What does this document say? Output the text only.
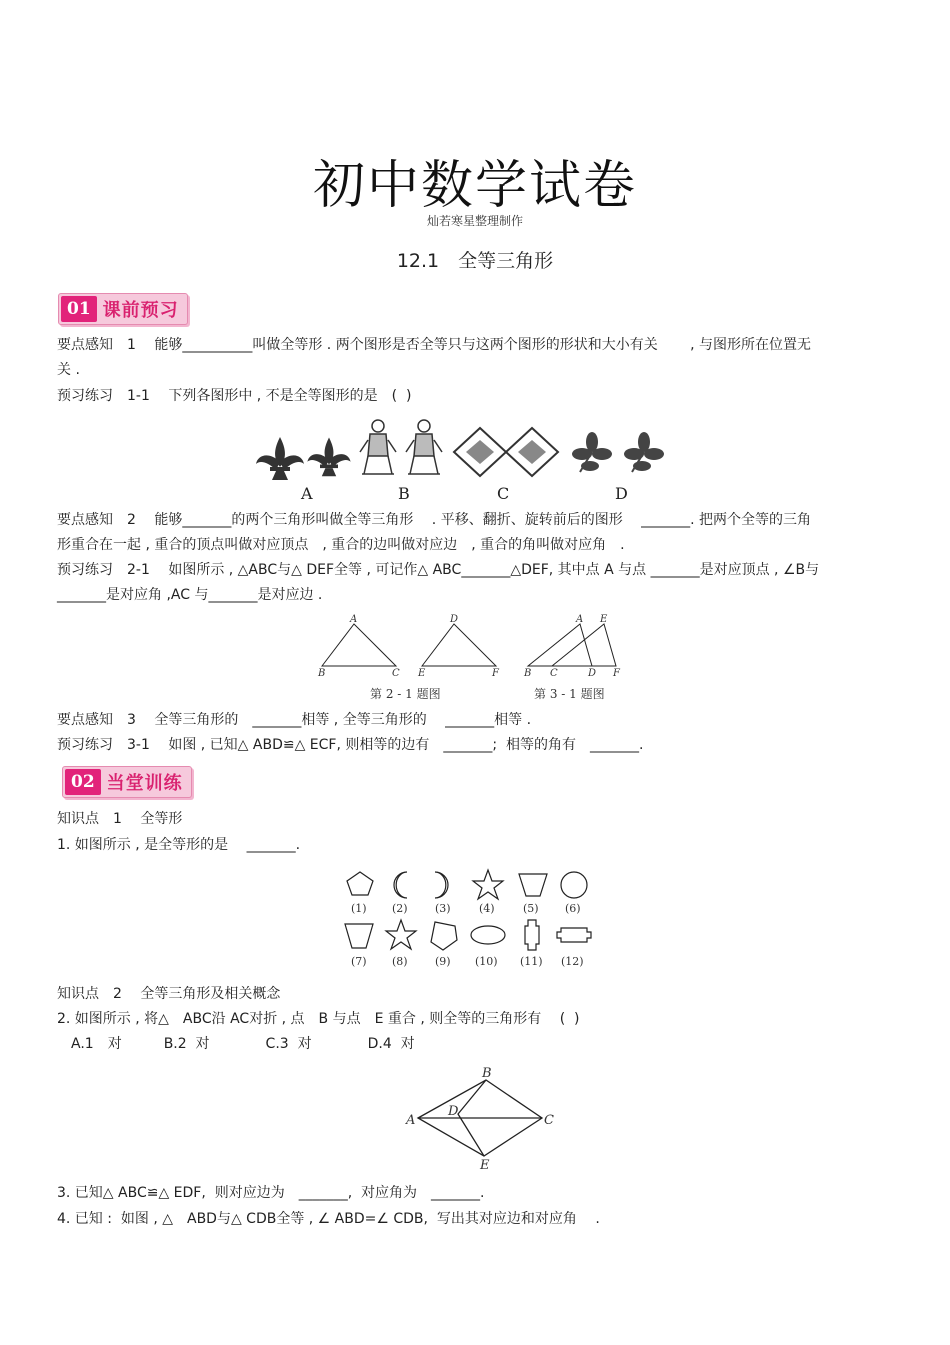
初中数学试卷
灿若寒星整理制作
12.1　全等三角形
01 课前预习
要点感知　1　 能够__________叫做全等形 . 两个图形是否全等只与这两个图形的形状和大小有关　　 , 与图形所在位置无
关 .
预习练习　1-1　 下列各图形中 , 不是全等图形的是　(  )
A	B	C	D
要点感知　2　 能够_______的两个三角形叫做全等三角形　 . 平移、翻折、旋转前后的图形　 _______. 把两个全等的三角
形重合在一起 , 重合的顶点叫做对应顶点　, 重合的边叫做对应边　, 重合的角叫做对应角　.
预习练习　2-1　 如图所示 , △ABC与△ DEF全等 , 可记作△ ABC_______△DEF, 其中点 A 与点 _______是对应顶点 , ∠B与
_______是对应角 ,AC 与_______是对应边 .
A
B	C
D
E	F
A E
B C	D F
第 2 - 1 题图	第 3 - 1 题图
要点感知　3　 全等三角形的　_______相等 , 全等三角形的　 _______相等 .
预习练习　3-1　 如图 , 已知△ ABD≌△ ECF, 则相等的边有　_______;  相等的角有　_______.
02 当堂训练
知识点　1　 全等形
1. 如图所示 , 是全等形的是　 _______.
(1) (2) (3)	(4)	(5) (6)
(7) (8) (9) (10) (11) (12)
知识点　2　 全等三角形及相关概念
2. 如图所示 , 将△　ABC沿 AC对折 , 点　B 与点　E 重合 , 则全等的三角形有　 (  )
　A.1　对　　　B.2  对　　　　C.3  对　　　　D.4  对
A
B
C
D
E
3. 已知△ ABC≌△ EDF,  则对应边为　_______,  对应角为　_______.
4. 已知 :  如图 , △　ABD与△ CDB全等 , ∠ ABD=∠ CDB,  写出其对应边和对应角　 .
